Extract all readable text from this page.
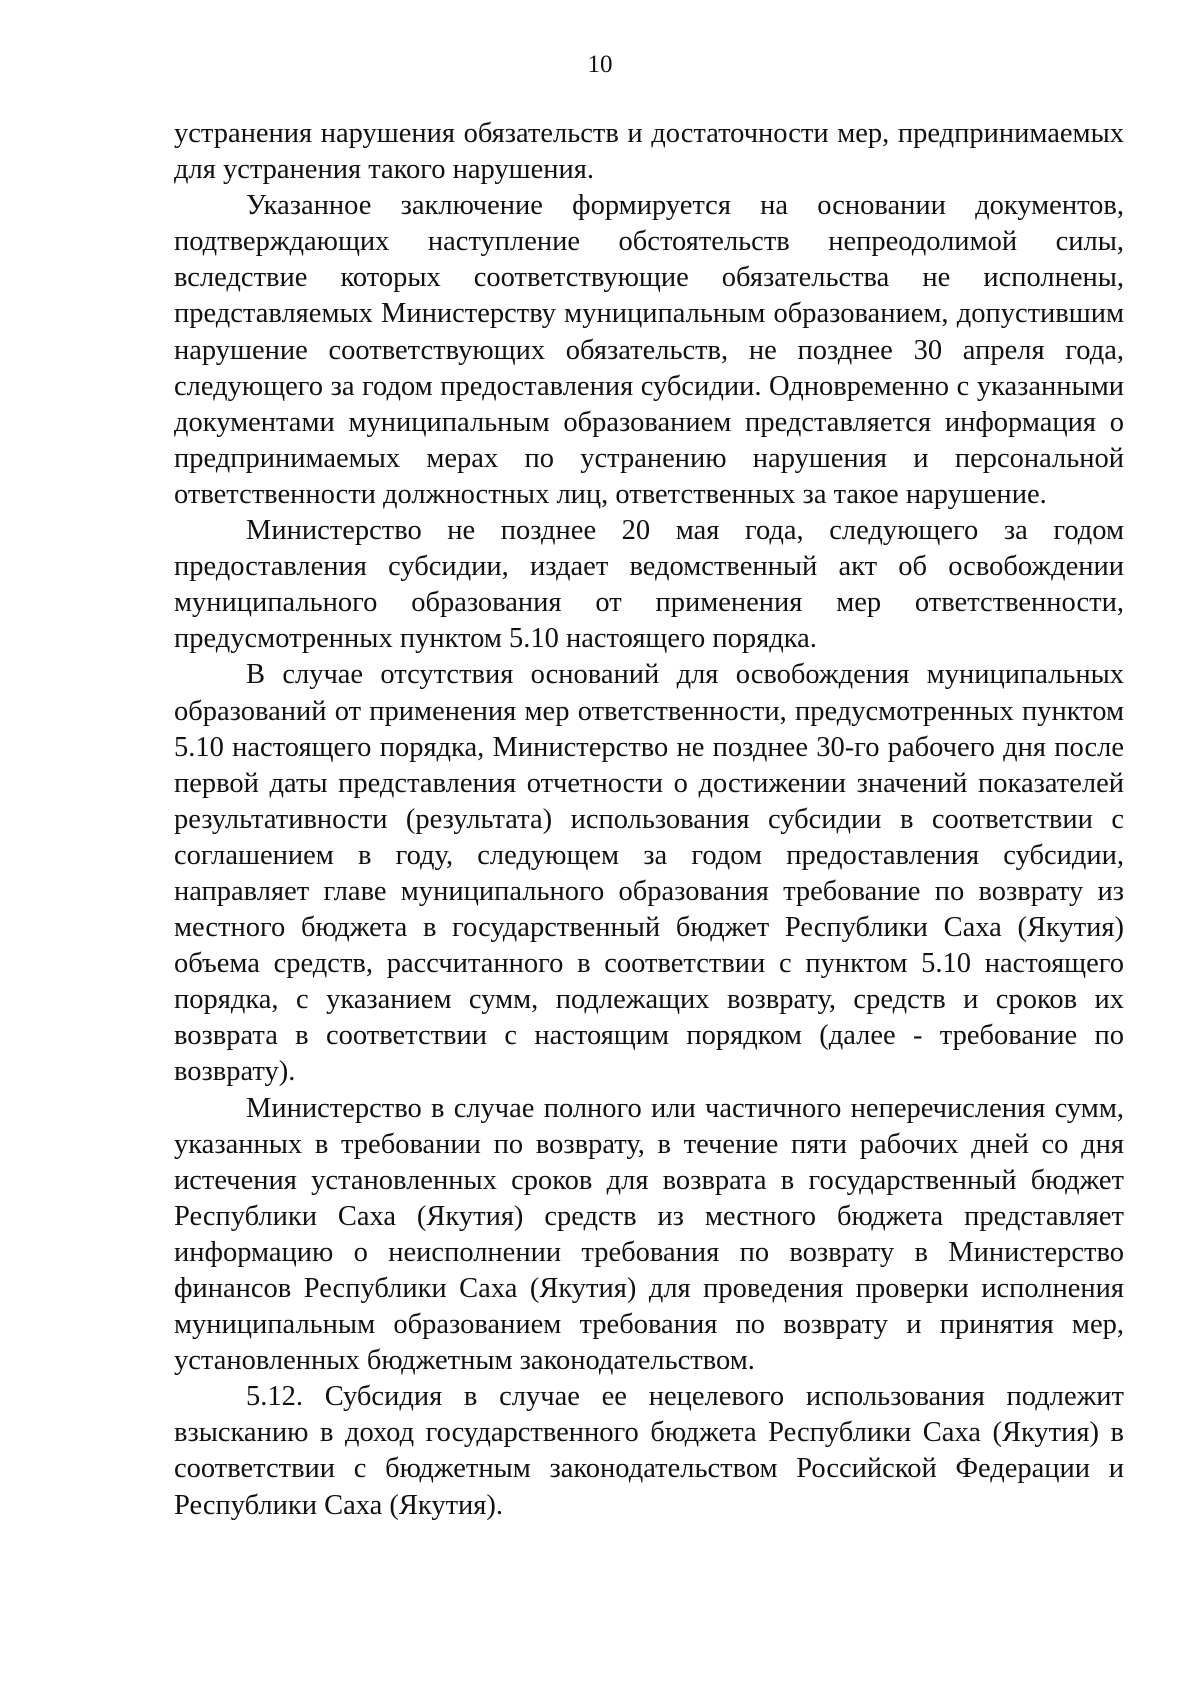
10

устранения нарушения обязательств и достаточности мер, предпринимаемых для устранения такого нарушения.

Указанное заключение формируется на основании документов, подтверждающих наступление обстоятельств непреодолимой силы, вследствие которых соответствующие обязательства не исполнены, представляемых Министерству муниципальным образованием, допустившим нарушение соответствующих обязательств, не позднее 30 апреля года, следующего за годом предоставления субсидии. Одновременно с указанными документами муниципальным образованием представляется информация о предпринимаемых мерах по устранению нарушения и персональной ответственности должностных лиц, ответственных за такое нарушение.

Министерство не позднее 20 мая года, следующего за годом предоставления субсидии, издает ведомственный акт об освобождении муниципального образования от применения мер ответственности, предусмотренных пунктом 5.10 настоящего порядка.

В случае отсутствия оснований для освобождения муниципальных образований от применения мер ответственности, предусмотренных пунктом 5.10 настоящего порядка, Министерство не позднее 30-го рабочего дня после первой даты представления отчетности о достижении значений показателей результативности (результата) использования субсидии в соответствии с соглашением в году, следующем за годом предоставления субсидии, направляет главе муниципального образования требование по возврату из местного бюджета в государственный бюджет Республики Саха (Якутия) объема средств, рассчитанного в соответствии с пунктом 5.10 настоящего порядка, с указанием сумм, подлежащих возврату, средств и сроков их возврата в соответствии с настоящим порядком (далее - требование по возврату).

Министерство в случае полного или частичного неперечисления сумм, указанных в требовании по возврату, в течение пяти рабочих дней со дня истечения установленных сроков для возврата в государственный бюджет Республики Саха (Якутия) средств из местного бюджета представляет информацию о неисполнении требования по возврату в Министерство финансов Республики Саха (Якутия) для проведения проверки исполнения муниципальным образованием требования по возврату и принятия мер, установленных бюджетным законодательством.

5.12. Субсидия в случае ее нецелевого использования подлежит взысканию в доход государственного бюджета Республики Саха (Якутия) в соответствии с бюджетным законодательством Российской Федерации и Республики Саха (Якутия).
